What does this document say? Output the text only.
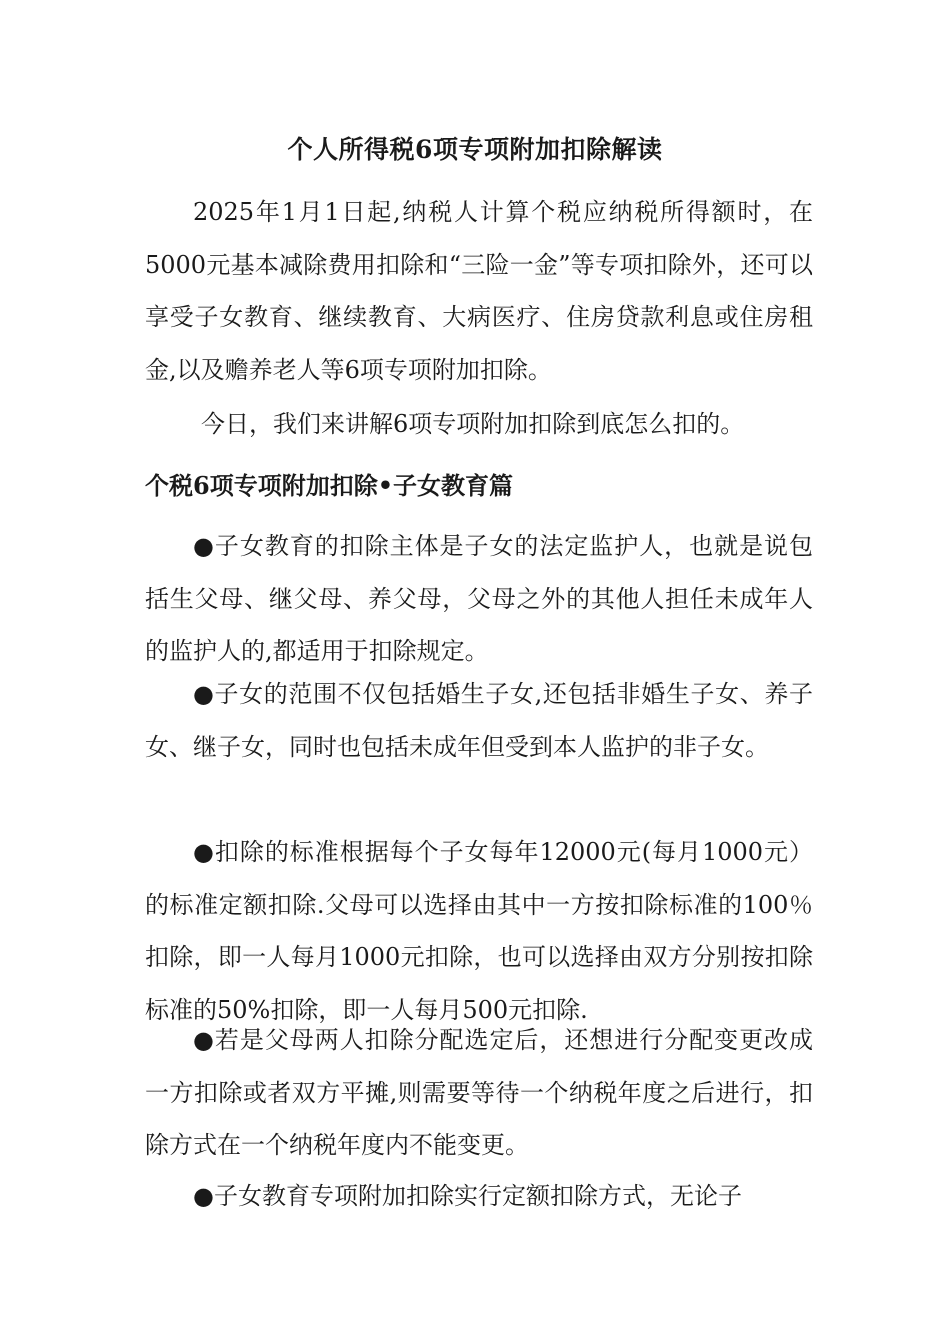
个人所得税6项专项附加扣除解读

2025年1月1日起,纳税人计算个税应纳税所得额时，在5000元基本减除费用扣除和“三险一金”等专项扣除外，还可以享受子女教育、继续教育、大病医疗、住房贷款利息或住房租金,以及赡养老人等6项专项附加扣除。

今日，我们来讲解6项专项附加扣除到底怎么扣的。

个税6项专项附加扣除•子女教育篇

●子女教育的扣除主体是子女的法定监护人，也就是说包括生父母、继父母、养父母，父母之外的其他人担任未成年人的监护人的,都适用于扣除规定。

●子女的范围不仅包括婚生子女,还包括非婚生子女、养子女、继子女，同时也包括未成年但受到本人监护的非子女。

●扣除的标准根据每个子女每年12000元(每月1000元）的标准定额扣除.父母可以选择由其中一方按扣除标准的100％扣除，即一人每月1000元扣除，也可以选择由双方分别按扣除标准的50%扣除，即一人每月500元扣除.

●若是父母两人扣除分配选定后，还想进行分配变更改成一方扣除或者双方平摊,则需要等待一个纳税年度之后进行，扣除方式在一个纳税年度内不能变更。

●子女教育专项附加扣除实行定额扣除方式，无论子
